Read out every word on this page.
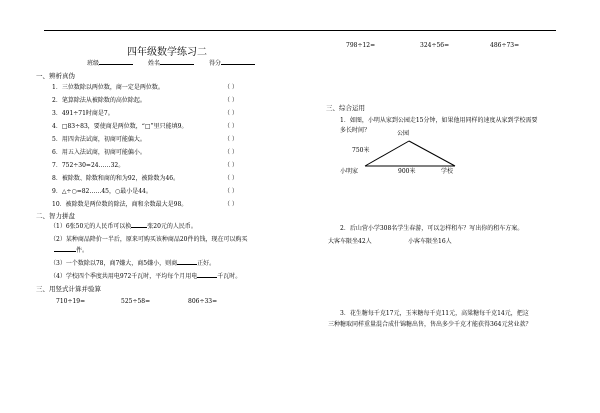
四年级数学练习二
班级	姓名	得分
一、辨析真伪
1．三位数除以两位数，商一定是两位数。	（ ）
2．笔算除法从被除数的高位除起。	（ ）
3．491÷71时商是7。	（ ）
4．□83÷83，要使商是两位数，“□”里只能填9。	（ ）
5．用四舍法试商，初商可能偏大。	（ ）
6．用五入法试商，初商可能偏小。	（ ）
7．752÷30=24……32。	（ ）
8．被除数、除数和商的和为92，被除数为46。	（ ）
9．△÷○=82……45，○最小是44。	（ ）
10．被除数是两位数的除法，商和余数最大是98。	（ ）
二、智力拼盘
（1）6张50元的人民币可以换	张20元的人民币。
（2）某种商品降价一半后，原来可购买该种商品20件的钱，现在可以购买
件。
（3）一个数除以78，商7嫌大，商5嫌小，则商	正好。
（4）学校四个季度共用电972千瓦时，平均每个月用电	千瓦时。
三、用竖式计算并验算
710÷19=	525÷58=	806÷33=
798÷12=	324÷56=	486÷73=
三、综合运用
1．如图，小明从家到公园走15分钟，如果他用同样的速度从家到学校需要
多长时间？	公园
750米
小明家	900米	学校
2．后山营小学308名学生春游，可以怎样租车？写出你的租车方案。
大客车限坐42人	小客车限坐16人
3．花生糖每千克17元，玉米糖每千克11元，高粱糖每千克14元，把这
三种糖取同样重量混合成什锦糖出售，售出多少千克才能获得364元营业款？
